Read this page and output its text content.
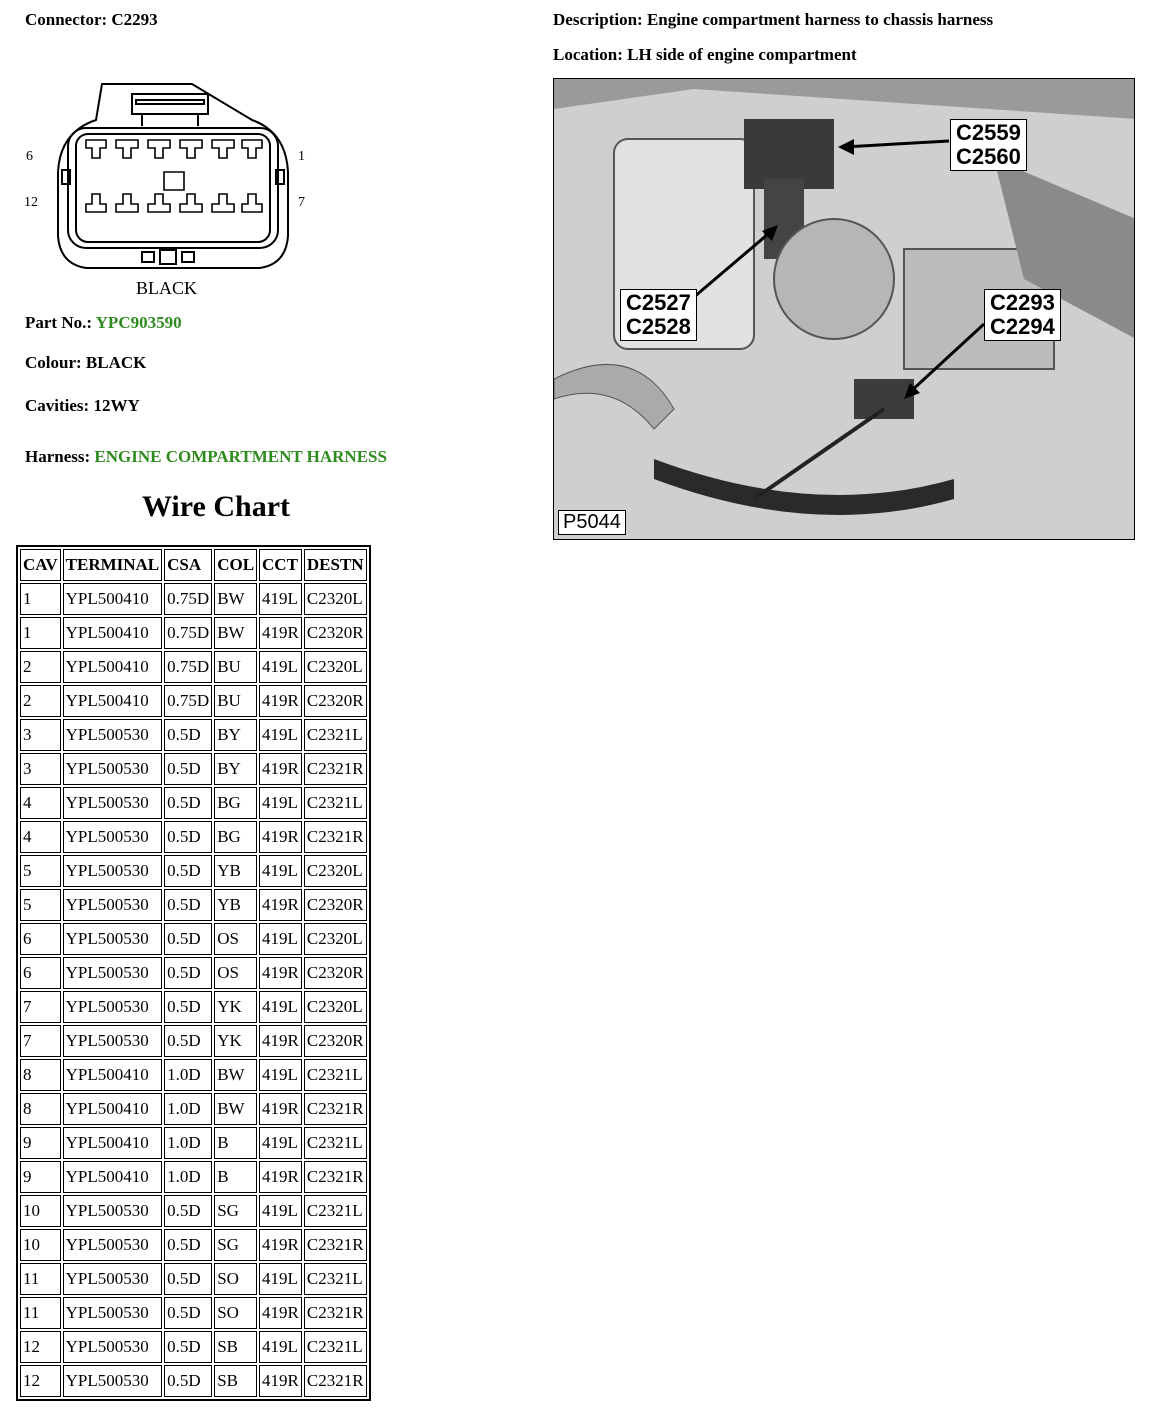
Connector: C2293	Description: Engine compartment harness to chassis harness
Location: LH side of engine compartment
6
12
1
7
BLACK
Part No.: YPC903590
Colour: BLACK
Cavities: 12WY
Harness: ENGINE COMPARTMENT HARNESS
Wire Chart
CAV	TERMINAL	CSA	COL	CCT	DESTN
1	YPL500410	0.75D	BW	419L	C2320L
1	YPL500410	0.75D	BW	419R	C2320R
2	YPL500410	0.75D	BU	419L	C2320L
2	YPL500410	0.75D	BU	419R	C2320R
3	YPL500530	0.5D	BY	419L	C2321L
3	YPL500530	0.5D	BY	419R	C2321R
4	YPL500530	0.5D	BG	419L	C2321L
4	YPL500530	0.5D	BG	419R	C2321R
5	YPL500530	0.5D	YB	419L	C2320L
5	YPL500530	0.5D	YB	419R	C2320R
6	YPL500530	0.5D	OS	419L	C2320L
6	YPL500530	0.5D	OS	419R	C2320R
7	YPL500530	0.5D	YK	419L	C2320L
7	YPL500530	0.5D	YK	419R	C2320R
8	YPL500410	1.0D	BW	419L	C2321L
8	YPL500410	1.0D	BW	419R	C2321R
9	YPL500410	1.0D	B	419L	C2321L
9	YPL500410	1.0D	B	419R	C2321R
10	YPL500530	0.5D	SG	419L	C2321L
10	YPL500530	0.5D	SG	419R	C2321R
11	YPL500530	0.5D	SO	419L	C2321L
11	YPL500530	0.5D	SO	419R	C2321R
12	YPL500530	0.5D	SB	419L	C2321L
12	YPL500530	0.5D	SB	419R	C2321R
C2559
C2560
C2527
C2528
C2293
C2294
P5044
